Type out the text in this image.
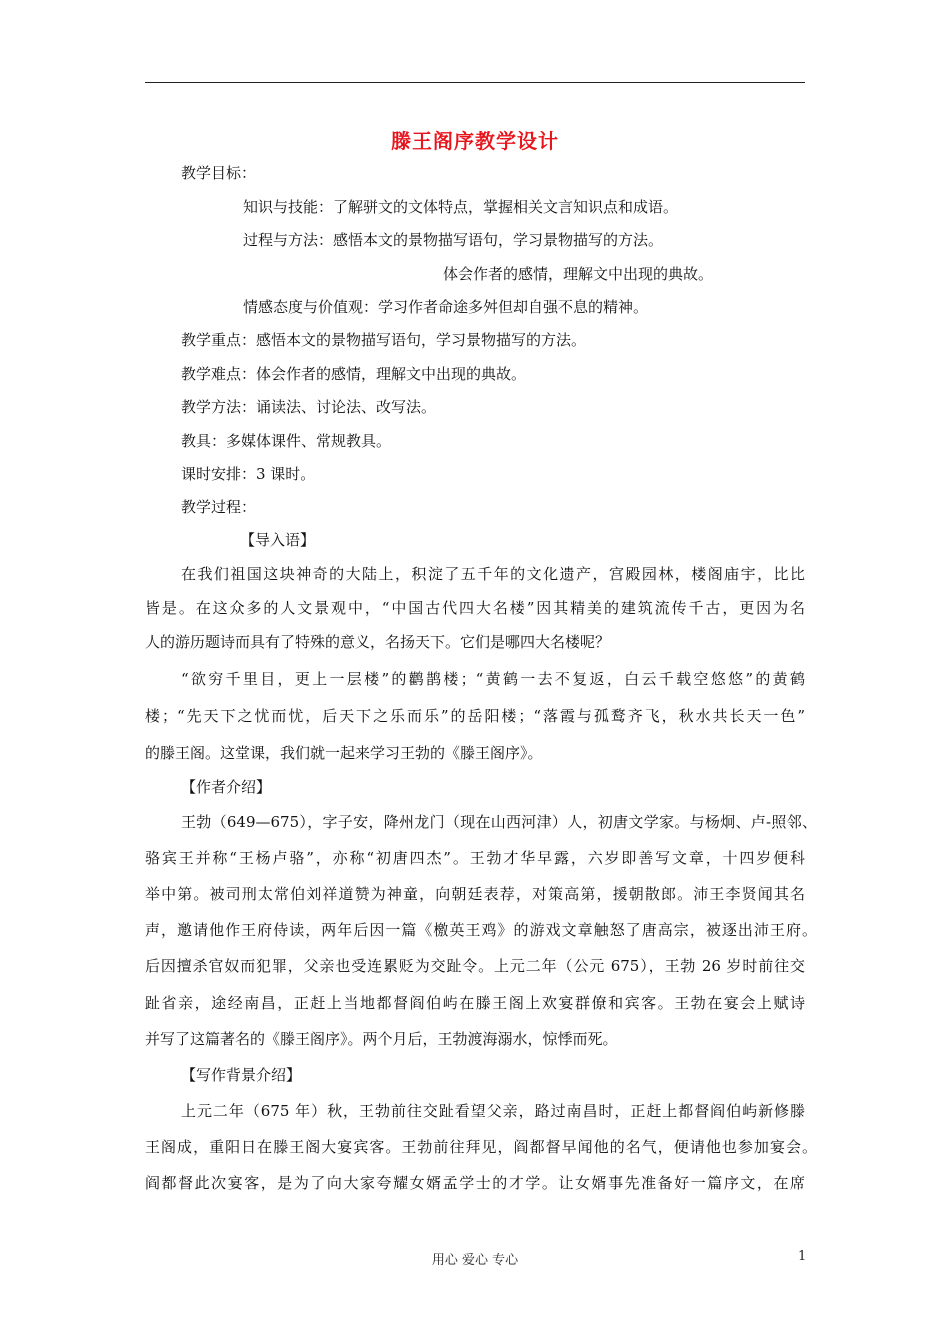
滕王阁序教学设计
教学目标：
知识与技能：了解骈文的文体特点，掌握相关文言知识点和成语。
过程与方法：感悟本文的景物描写语句，学习景物描写的方法。
体会作者的感情，理解文中出现的典故。
情感态度与价值观：学习作者命途多舛但却自强不息的精神。
教学重点：感悟本文的景物描写语句，学习景物描写的方法。
教学难点：体会作者的感情，理解文中出现的典故。
教学方法：诵读法、讨论法、改写法。
教具：多媒体课件、常规教具。
课时安排：3 课时。
教学过程：
【导入语】
在我们祖国这块神奇的大陆上，积淀了五千年的文化遗产，宫殿园林，楼阁庙宇，比比
皆是。在这众多的人文景观中，“中国古代四大名楼”因其精美的建筑流传千古，更因为名
人的游历题诗而具有了特殊的意义，名扬天下。它们是哪四大名楼呢？
“欲穷千里目，更上一层楼”的鹳鹊楼；“黄鹤一去不复返，白云千载空悠悠”的黄鹤
楼；“先天下之忧而忧，后天下之乐而乐”的岳阳楼；“落霞与孤鹜齐飞，秋水共长天一色”
的滕王阁。这堂课，我们就一起来学习王勃的《滕王阁序》。
【作者介绍】
王勃（649—675），字子安，降州龙门（现在山西河津）人，初唐文学家。与杨炯、卢-照邻、
骆宾王并称“王杨卢骆”，亦称“初唐四杰”。王勃才华早露，六岁即善写文章，十四岁便科
举中第。被司刑太常伯刘祥道赞为神童，向朝廷表荐，对策高第，援朝散郎。沛王李贤闻其名
声，邀请他作王府侍读，两年后因一篇《檄英王鸡》的游戏文章触怒了唐高宗，被逐出沛王府。
后因擅杀官奴而犯罪，父亲也受连累贬为交趾令。上元二年（公元 675），王勃 26 岁时前往交
趾省亲，途经南昌，正赶上当地都督阎伯屿在滕王阁上欢宴群僚和宾客。王勃在宴会上赋诗
并写了这篇著名的《滕王阁序》。两个月后，王勃渡海溺水，惊悸而死。
【写作背景介绍】
上元二年（675 年）秋，王勃前往交趾看望父亲，路过南昌时，正赶上都督阎伯屿新修滕
王阁成，重阳日在滕王阁大宴宾客。王勃前往拜见，阎都督早闻他的名气，便请他也参加宴会。
阎都督此次宴客，是为了向大家夸耀女婿孟学士的才学。让女婿事先准备好一篇序文，在席
用心 爱心 专心	1
